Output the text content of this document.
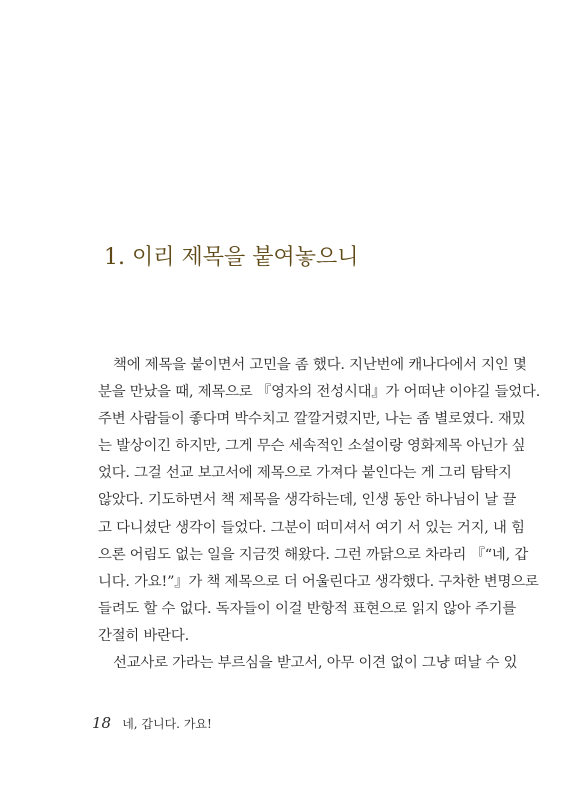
1. 이리 제목을 붙여놓으니
책에 제목을 붙이면서 고민을 좀 했다. 지난번에 캐나다에서 지인 몇
분을 만났을 때, 제목으로 『영자의 전성시대』가 어떠냔 이야길 들었다.
주변 사람들이 좋다며 박수치고 깔깔거렸지만, 나는 좀 별로였다. 재밌
는 발상이긴 하지만, 그게 무슨 세속적인 소설이랑 영화제목 아닌가 싶
었다. 그걸 선교 보고서에 제목으로 가져다 붙인다는 게 그리 탐탁지
않았다. 기도하면서 책 제목을 생각하는데, 인생 동안 하나님이 날 끌
고 다니셨단 생각이 들었다. 그분이 떠미셔서 여기 서 있는 거지, 내 힘
으론 어림도 없는 일을 지금껏 해왔다. 그런 까닭으로 차라리 『“네, 갑
니다. 가요!”』가 책 제목으로 더 어울린다고 생각했다. 구차한 변명으로
들려도 할 수 없다. 독자들이 이걸 반항적 표현으로 읽지 않아 주기를
간절히 바란다.
선교사로 가라는 부르심을 받고서, 아무 이견 없이 그냥 떠날 수 있
18 네, 갑니다. 가요!
